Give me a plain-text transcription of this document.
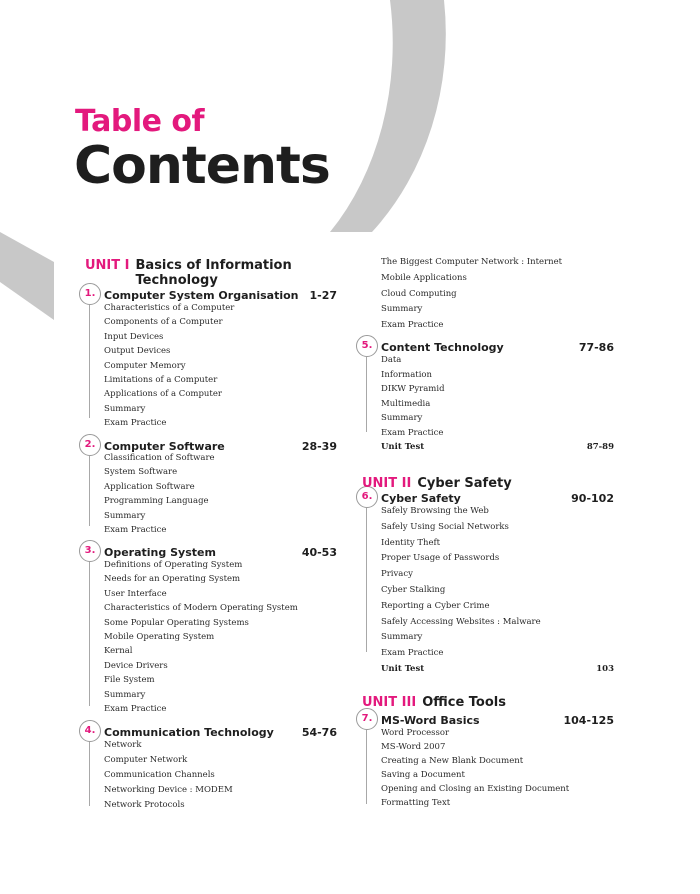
Table of
Contents
UNIT I Basics of Information
Technology
Computer System Organisation 1-27
1.
Characteristics of a Computer
Components of a Computer
Input Devices
Output Devices
Computer Memory
Limitations of a Computer
Applications of a Computer
Summary
Exam Practice
Computer Software	28-39
2.
Classification of Software
System Software
Application Software
Programming Language
Summary
Exam Practice
Operating System	40-53
3.
Definitions of Operating System
Needs for an Operating System
User Interface
Characteristics of Modern Operating System
Some Popular Operating Systems
Mobile Operating System
Kernal
Device Drivers
File System
Summary
Exam Practice
Communication Technology	54-76
4.
Network
Computer Network
Communication Channels
Networking Device : MODEM
Network Protocols
The Biggest Computer Network : Internet
Mobile Applications
Cloud Computing
Summary
Exam Practice
Content Technology	77-86
5.
Data
Information
DIKW Pyramid
Multimedia
Summary
Exam Practice
Unit Test	87-89
Cyber Safety	90-102
6.
Safely Browsing the Web
Safely Using Social Networks
Identity Theft
Proper Usage of Passwords
Privacy
Cyber Stalking
Reporting a Cyber Crime
Safely Accessing Websites : Malware
Summary
Exam Practice
Unit Test	103
MS-Word Basics	104-125
7.
Word Processor
MS-Word 2007
Creating a New Blank Document
Saving a Document
Opening and Closing an Existing Document
Formatting Text
UNIT II Cyber Safety
UNIT III Office Tools
